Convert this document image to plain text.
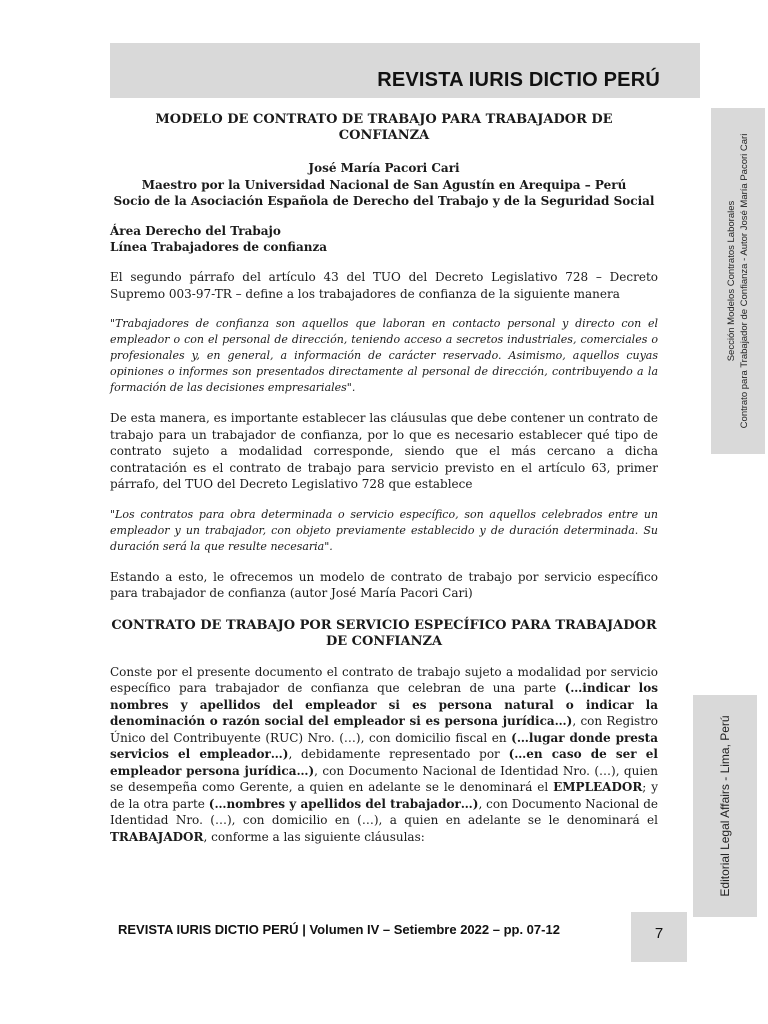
REVISTA IURIS DICTIO PERÚ
Sección Modelos Contratos Laborales Contrato para Trabajador de Confianza - Autor José María Pacori Cari
Editorial Legal Affairs - Lima, Perú
MODELO DE CONTRATO DE TRABAJO PARA TRABAJADOR DE CONFIANZA
José María Pacori Cari
Maestro por la Universidad Nacional de San Agustín en Arequipa – Perú
Socio de la Asociación Española de Derecho del Trabajo y de la Seguridad Social
Área Derecho del Trabajo
Línea Trabajadores de confianza

El segundo párrafo del artículo 43 del TUO del Decreto Legislativo 728 – Decreto Supremo 003-97-TR – define a los trabajadores de confianza de la siguiente manera

"Trabajadores de confianza son aquellos que laboran en contacto personal y directo con el empleador o con el personal de dirección, teniendo acceso a secretos industriales, comerciales o profesionales y, en general, a información de carácter reservado. Asimismo, aquellos cuyas opiniones o informes son presentados directamente al personal de dirección, contribuyendo a la formación de las decisiones empresariales".

De esta manera, es importante establecer las cláusulas que debe contener un contrato de trabajo para un trabajador de confianza, por lo que es necesario establecer qué tipo de contrato sujeto a modalidad corresponde, siendo que el más cercano a dicha contratación es el contrato de trabajo para servicio previsto en el artículo 63, primer párrafo, del TUO del Decreto Legislativo 728 que establece

"Los contratos para obra determinada o servicio específico, son aquellos celebrados entre un empleador y un trabajador, con objeto previamente establecido y de duración determinada. Su duración será la que resulte necesaria".

Estando a esto, le ofrecemos un modelo de contrato de trabajo por servicio específico para trabajador de confianza (autor José María Pacori Cari)

CONTRATO DE TRABAJO POR SERVICIO ESPECÍFICO PARA TRABAJADOR DE CONFIANZA

Conste por el presente documento el contrato de trabajo sujeto a modalidad por servicio específico para trabajador de confianza que celebran de una parte (…indicar los nombres y apellidos del empleador si es persona natural o indicar la denominación o razón social del empleador si es persona jurídica…), con Registro Único del Contribuyente (RUC) Nro. (…), con domicilio fiscal en (…lugar donde presta servicios el empleador…), debidamente representado por (…en caso de ser el empleador persona jurídica…), con Documento Nacional de Identidad Nro. (…), quien se desempeña como Gerente, a quien en adelante se le denominará el EMPLEADOR; y de la otra parte (…nombres y apellidos del trabajador…), con Documento Nacional de Identidad Nro. (…), con domicilio en (…), a quien en adelante se le denominará el TRABAJADOR, conforme a las siguiente cláusulas:

REVISTA IURIS DICTIO PERÚ | Volumen IV – Setiembre 2022 – pp. 07-12	7
